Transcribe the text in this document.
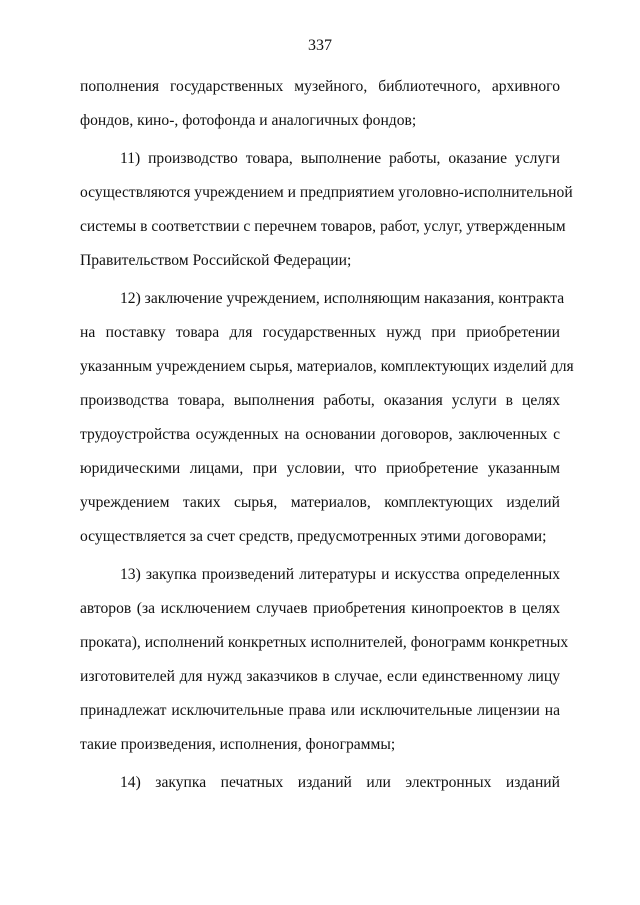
337
пополнения государственных музейного, библиотечного, архивного
фондов, кино-, фотофонда и аналогичных фондов;
11) производство товара, выполнение работы, оказание услуги
осуществляются учреждением и предприятием уголовно-исполнительной
системы в соответствии с перечнем товаров, работ, услуг, утвержденным
Правительством Российской Федерации;
12) заключение учреждением, исполняющим наказания, контракта
на поставку товара для государственных нужд при приобретении
указанным учреждением сырья, материалов, комплектующих изделий для
производства товара, выполнения работы, оказания услуги в целях
трудоустройства осужденных на основании договоров, заключенных с
юридическими лицами, при условии, что приобретение указанным
учреждением таких сырья, материалов, комплектующих изделий
осуществляется за счет средств, предусмотренных этими договорами;
13) закупка произведений литературы и искусства определенных
авторов (за исключением случаев приобретения кинопроектов в целях
проката), исполнений конкретных исполнителей, фонограмм конкретных
изготовителей для нужд заказчиков в случае, если единственному лицу
принадлежат исключительные права или исключительные лицензии на
такие произведения, исполнения, фонограммы;
14) закупка печатных изданий или электронных изданий
